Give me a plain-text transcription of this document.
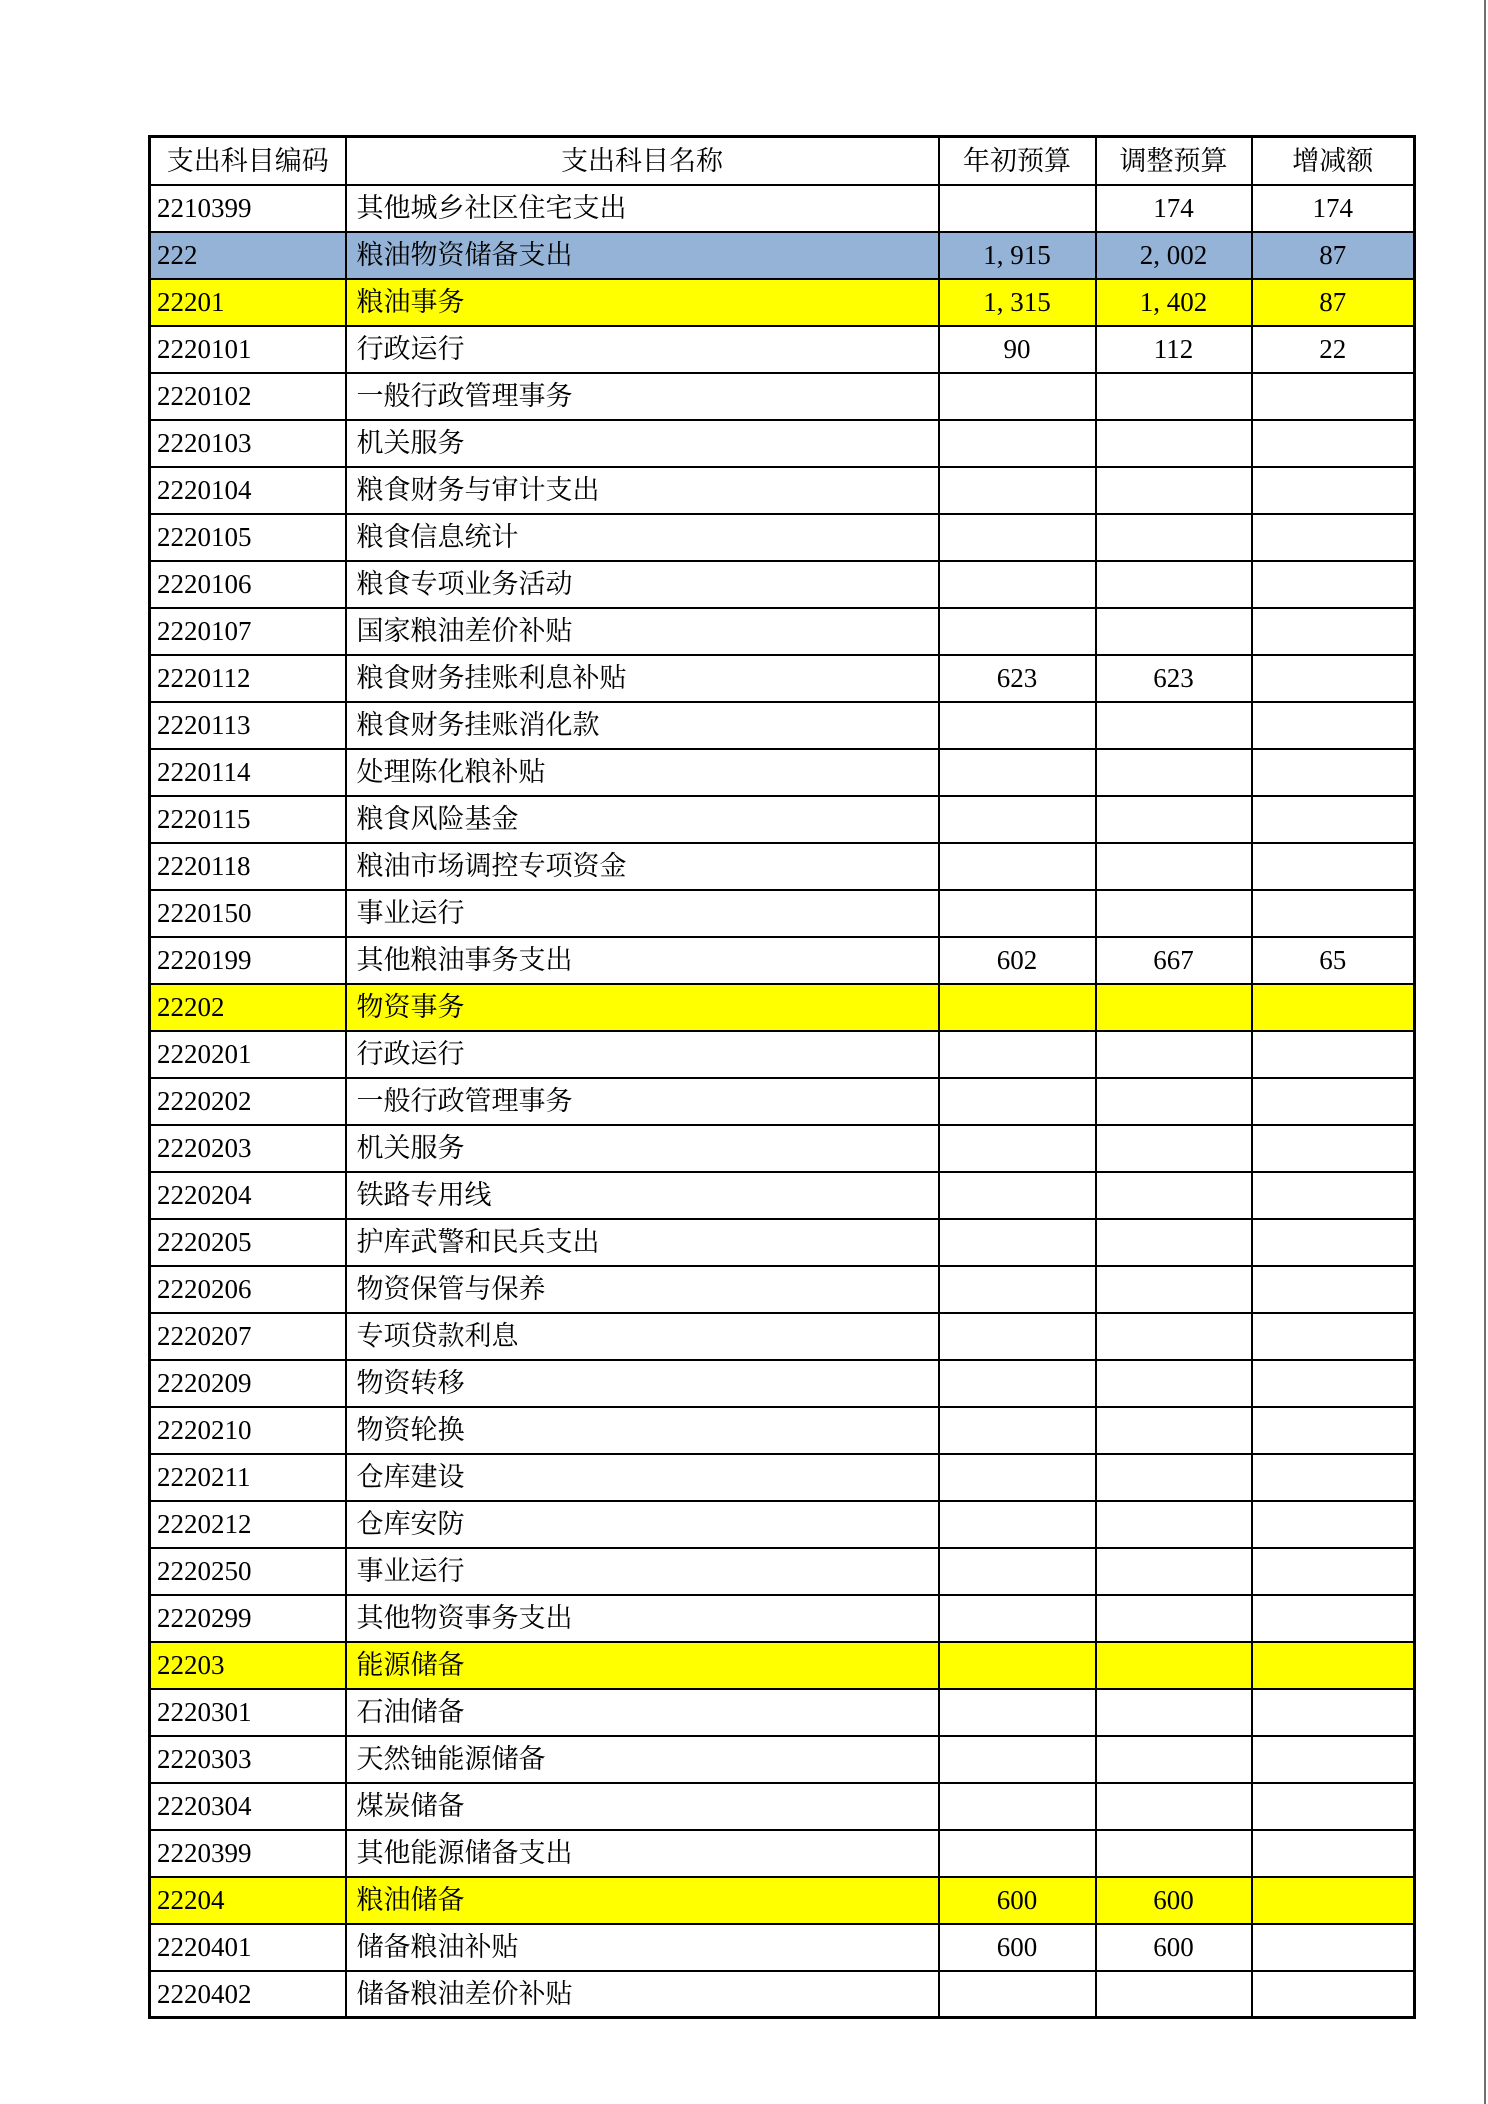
支出科目编码	支出科目名称	年初预算	调整预算	增减额
2210399	其他城乡社区住宅支出		174	174
222	粮油物资储备支出	1, 915	2, 002	87
22201	粮油事务	1, 315	1, 402	87
2220101	行政运行	90	112	22
2220102	一般行政管理事务			
2220103	机关服务			
2220104	粮食财务与审计支出			
2220105	粮食信息统计			
2220106	粮食专项业务活动			
2220107	国家粮油差价补贴			
2220112	粮食财务挂账利息补贴	623	623	
2220113	粮食财务挂账消化款			
2220114	处理陈化粮补贴			
2220115	粮食风险基金			
2220118	粮油市场调控专项资金			
2220150	事业运行			
2220199	其他粮油事务支出	602	667	65
22202	物资事务			
2220201	行政运行			
2220202	一般行政管理事务			
2220203	机关服务			
2220204	铁路专用线			
2220205	护库武警和民兵支出			
2220206	物资保管与保养			
2220207	专项贷款利息			
2220209	物资转移			
2220210	物资轮换			
2220211	仓库建设			
2220212	仓库安防			
2220250	事业运行			
2220299	其他物资事务支出			
22203	能源储备			
2220301	石油储备			
2220303	天然铀能源储备			
2220304	煤炭储备			
2220399	其他能源储备支出			
22204	粮油储备	600	600	
2220401	储备粮油补贴	600	600	
2220402	储备粮油差价补贴			
